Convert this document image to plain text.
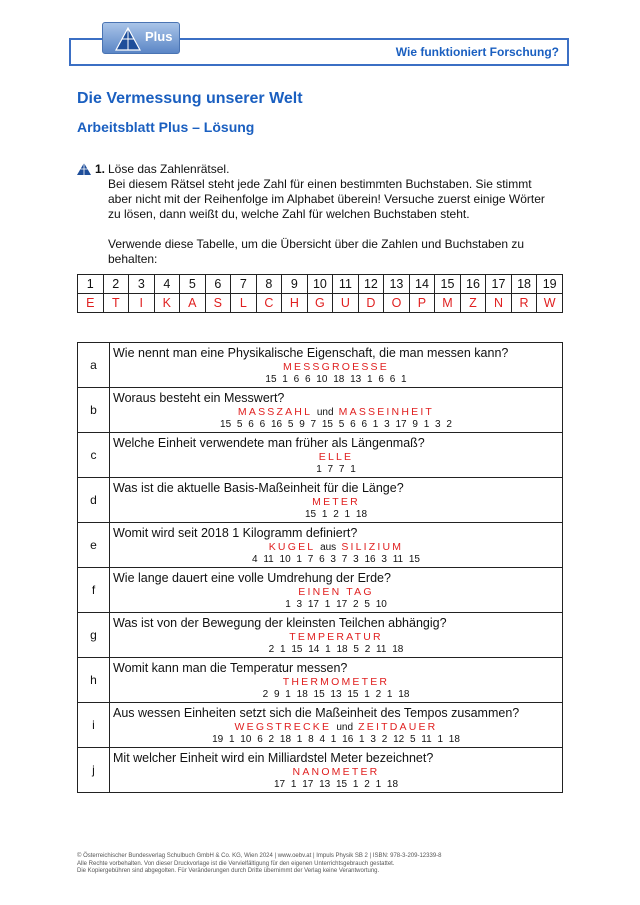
Wie funktioniert Forschung?
Plus
Die Vermessung unserer Welt
Arbeitsblatt Plus – Lösung
1. Löse das Zahlenrätsel.

Bei diesem Rätsel steht jede Zahl für einen bestimmten Buchstaben. Sie stimmt aber nicht mit der Reihenfolge im Alphabet überein! Versuche zuerst einige Wörter zu lösen, dann weißt du, welche Zahl für welchen Buchstaben steht.

Verwende diese Tabelle, um die Übersicht über die Zahlen und Buchstaben zu behalten:

1	2	3	4	5	6	7	8	9	10	11	12	13	14	15	16	17	18	19
E	T	I	K	A	S	L	C	H	G	U	D	O	P	M	Z	N	R	W
a	Wie nennt man eine Physikalische Eigenschaft, die man messen kann?
MESSGROESSE
15 1 6 6 10 18 13 1 6 6 1

b	Woraus besteht ein Messwert?
MASSZAHL und MASSEINHEIT
15 5 6 6 16 5 9 7 15 5 6 6 1 3 17 9 1 3 2

c	Welche Einheit verwendete man früher als Längenmaß?
ELLE
1 7 7 1

d	Was ist die aktuelle Basis-Maßeinheit für die Länge?
METER
15 1 2 1 18

e	Womit wird seit 2018 1 Kilogramm definiert?
KUGEL aus SILIZIUM
4 11 10 1 7 6 3 7 3 16 3 11 15

f	Wie lange dauert eine volle Umdrehung der Erde?
EINEN TAG
1 3 17 1 17 2 5 10

g	Was ist von der Bewegung der kleinsten Teilchen abhängig?
TEMPERATUR
2 1 15 14 1 18 5 2 11 18

h	Womit kann man die Temperatur messen?
THERMOMETER
2 9 1 18 15 13 15 1 2 1 18

i	Aus wessen Einheiten setzt sich die Maßeinheit des Tempos zusammen?
WEGSTRECKE und ZEITDAUER
19 1 10 6 2 18 1 8 4 1 16 1 3 2 12 5 11 1 18

j	Mit welcher Einheit wird ein Milliardstel Meter bezeichnet?
NANOMETER
17 1 17 13 15 1 2 1 18
© Österreichischer Bundesverlag Schulbuch GmbH & Co. KG, Wien 2024 | www.oebv.at | Impuls Physik SB 2 | ISBN: 978-3-209-12339-8
Alle Rechte vorbehalten. Von dieser Druckvorlage ist die Vervielfältigung für den eigenen Unterrichtsgebrauch gestattet.
Die Kopiergebühren sind abgegolten. Für Veränderungen durch Dritte übernimmt der Verlag keine Verantwortung.
